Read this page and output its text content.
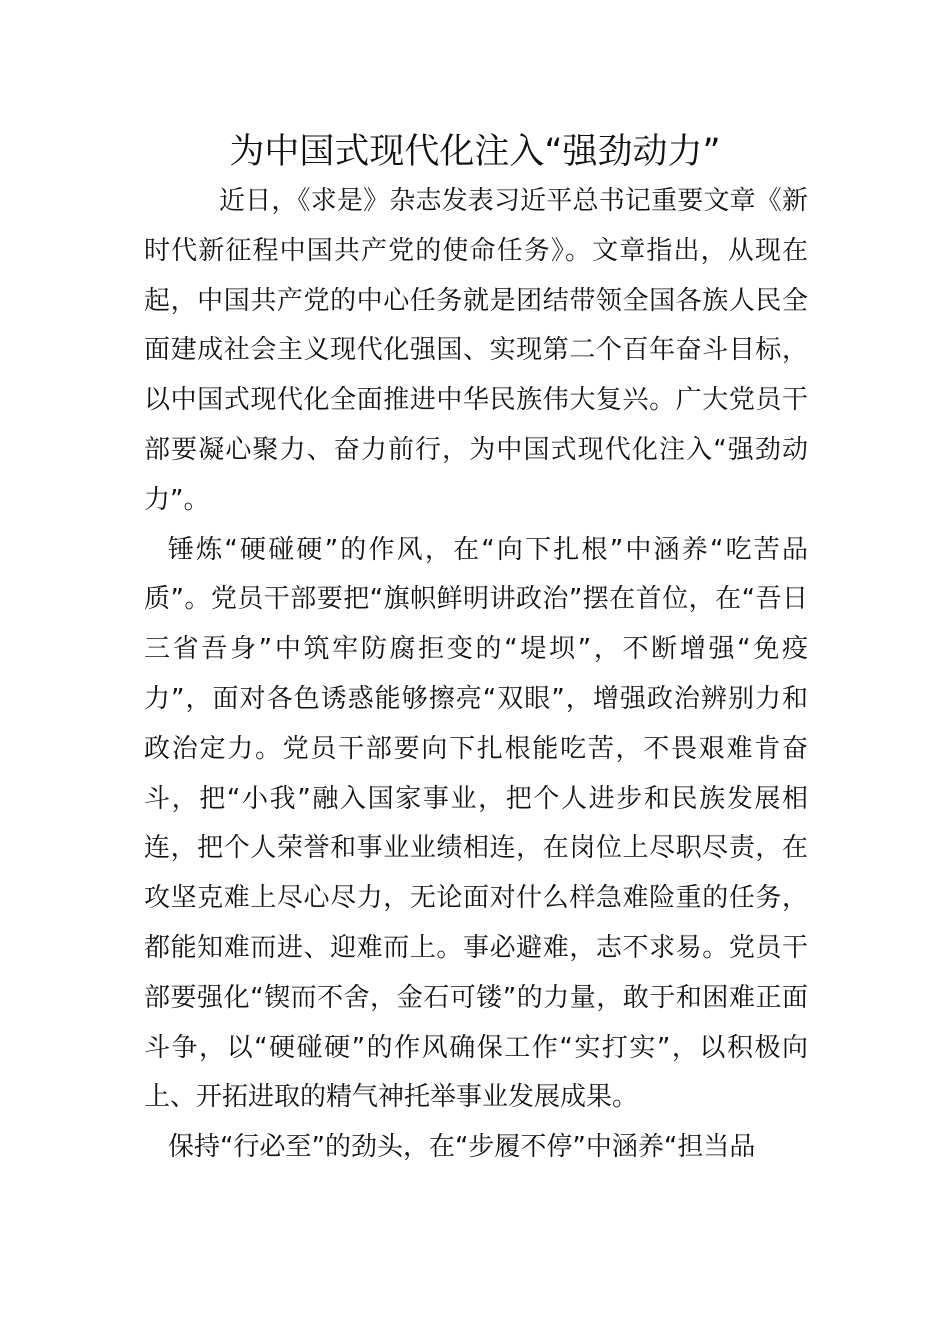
为中国式现代化注入“强劲动力”

近日，《求是》杂志发表习近平总书记重要文章《新时代新征程中国共产党的使命任务》。文章指出，从现在起，中国共产党的中心任务就是团结带领全国各族人民全面建成社会主义现代化强国、实现第二个百年奋斗目标，以中国式现代化全面推进中华民族伟大复兴。广大党员干部要凝心聚力、奋力前行，为中国式现代化注入“强劲动力”。

锤炼“硬碰硬”的作风，在“向下扎根”中涵养“吃苦品质”。党员干部要把“旗帜鲜明讲政治”摆在首位，在“吾日三省吾身”中筑牢防腐拒变的“堤坝”，不断增强“免疫力”，面对各色诱惑能够擦亮“双眼”，增强政治辨别力和政治定力。党员干部要向下扎根能吃苦，不畏艰难肯奋斗，把“小我”融入国家事业，把个人进步和民族发展相连，把个人荣誉和事业业绩相连，在岗位上尽职尽责，在攻坚克难上尽心尽力，无论面对什么样急难险重的任务，都能知难而进、迎难而上。事必避难，志不求易。党员干部要强化“锲而不舍，金石可镂”的力量，敢于和困难正面斗争，以“硬碰硬”的作风确保工作“实打实”，以积极向上、开拓进取的精气神托举事业发展成果。

保持“行必至”的劲头，在“步履不停”中涵养“担当品
